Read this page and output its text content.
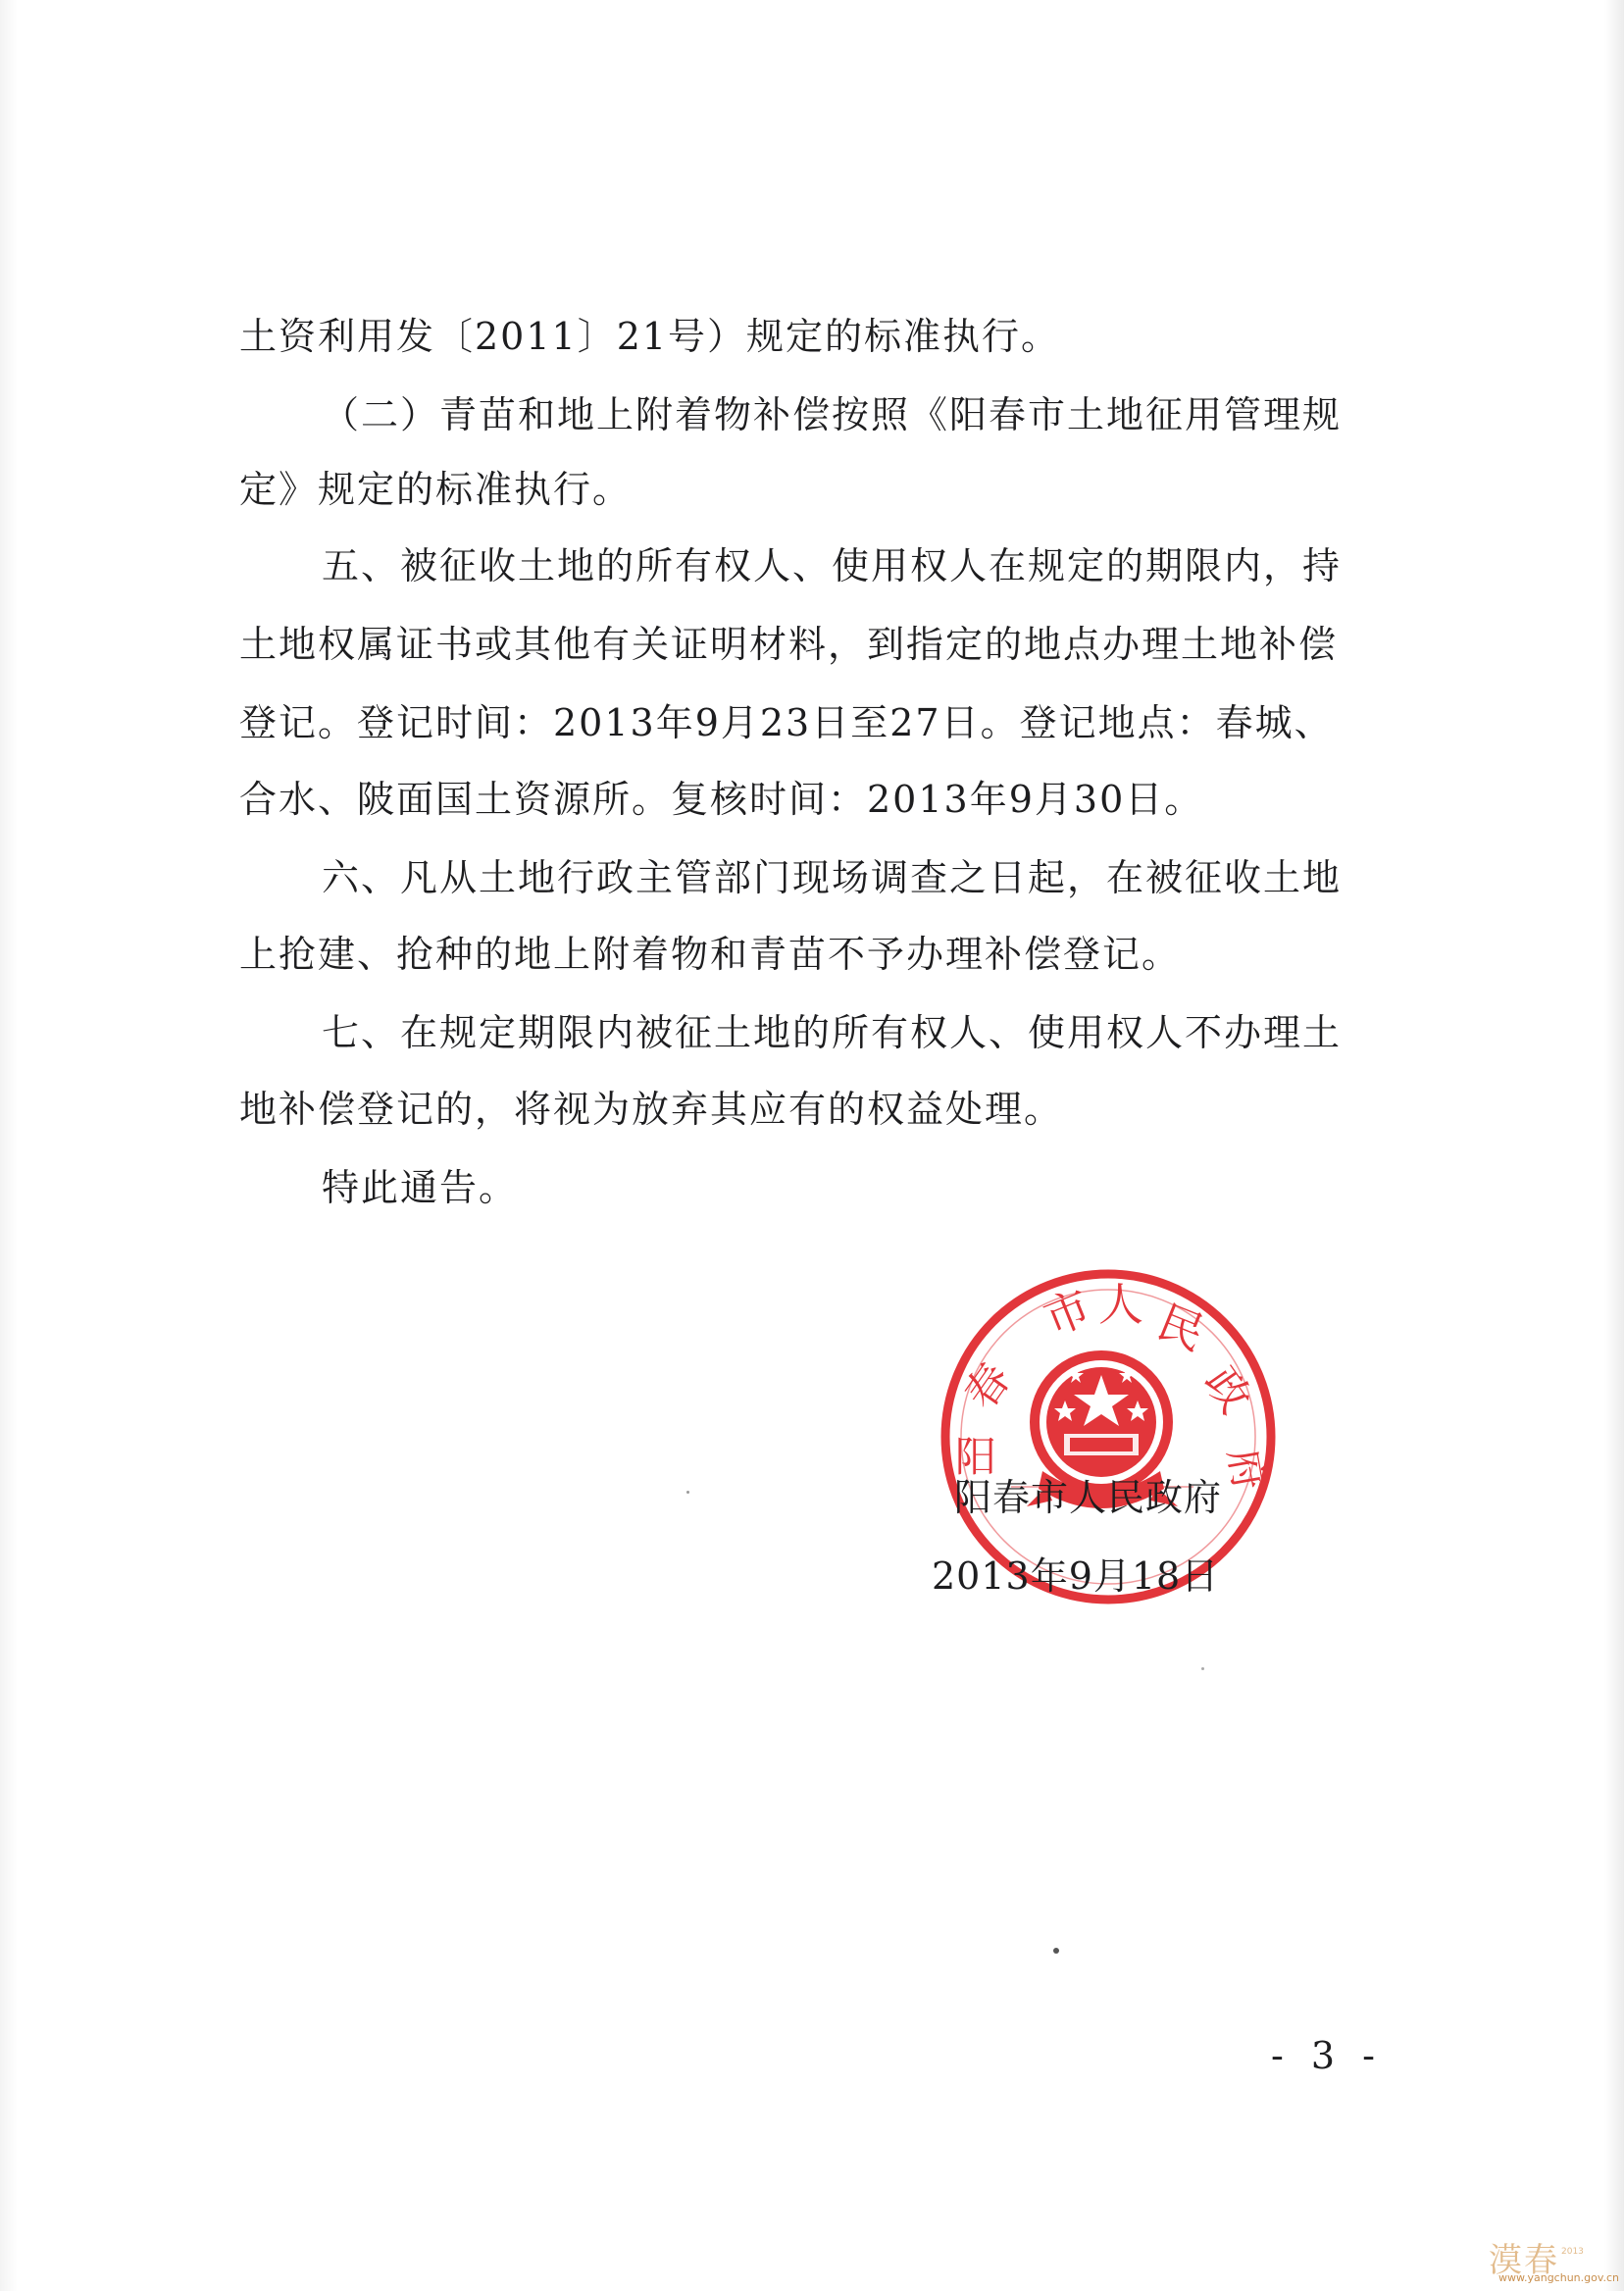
土资利用发〔2011〕21号）规定的标准执行。
（二）青苗和地上附着物补偿按照《阳春市土地征用管理规
定》规定的标准执行。
五、被征收土地的所有权人、使用权人在规定的期限内，持
土地权属证书或其他有关证明材料，到指定的地点办理土地补偿
登记。登记时间：2013年9月23日至27日。登记地点：春城、
合水、陂面国土资源所。复核时间：2013年9月30日。
六、凡从土地行政主管部门现场调查之日起，在被征收土地
上抢建、抢种的地上附着物和青苗不予办理补偿登记。
七、在规定期限内被征土地的所有权人、使用权人不办理土
地补偿登记的，将视为放弃其应有的权益处理。
特此通告。
阳
春
市 人 民
政
府
阳春市人民政府
2013年9月18日
- 3 -
漠 春 2013
www.yangchun.gov.cn
